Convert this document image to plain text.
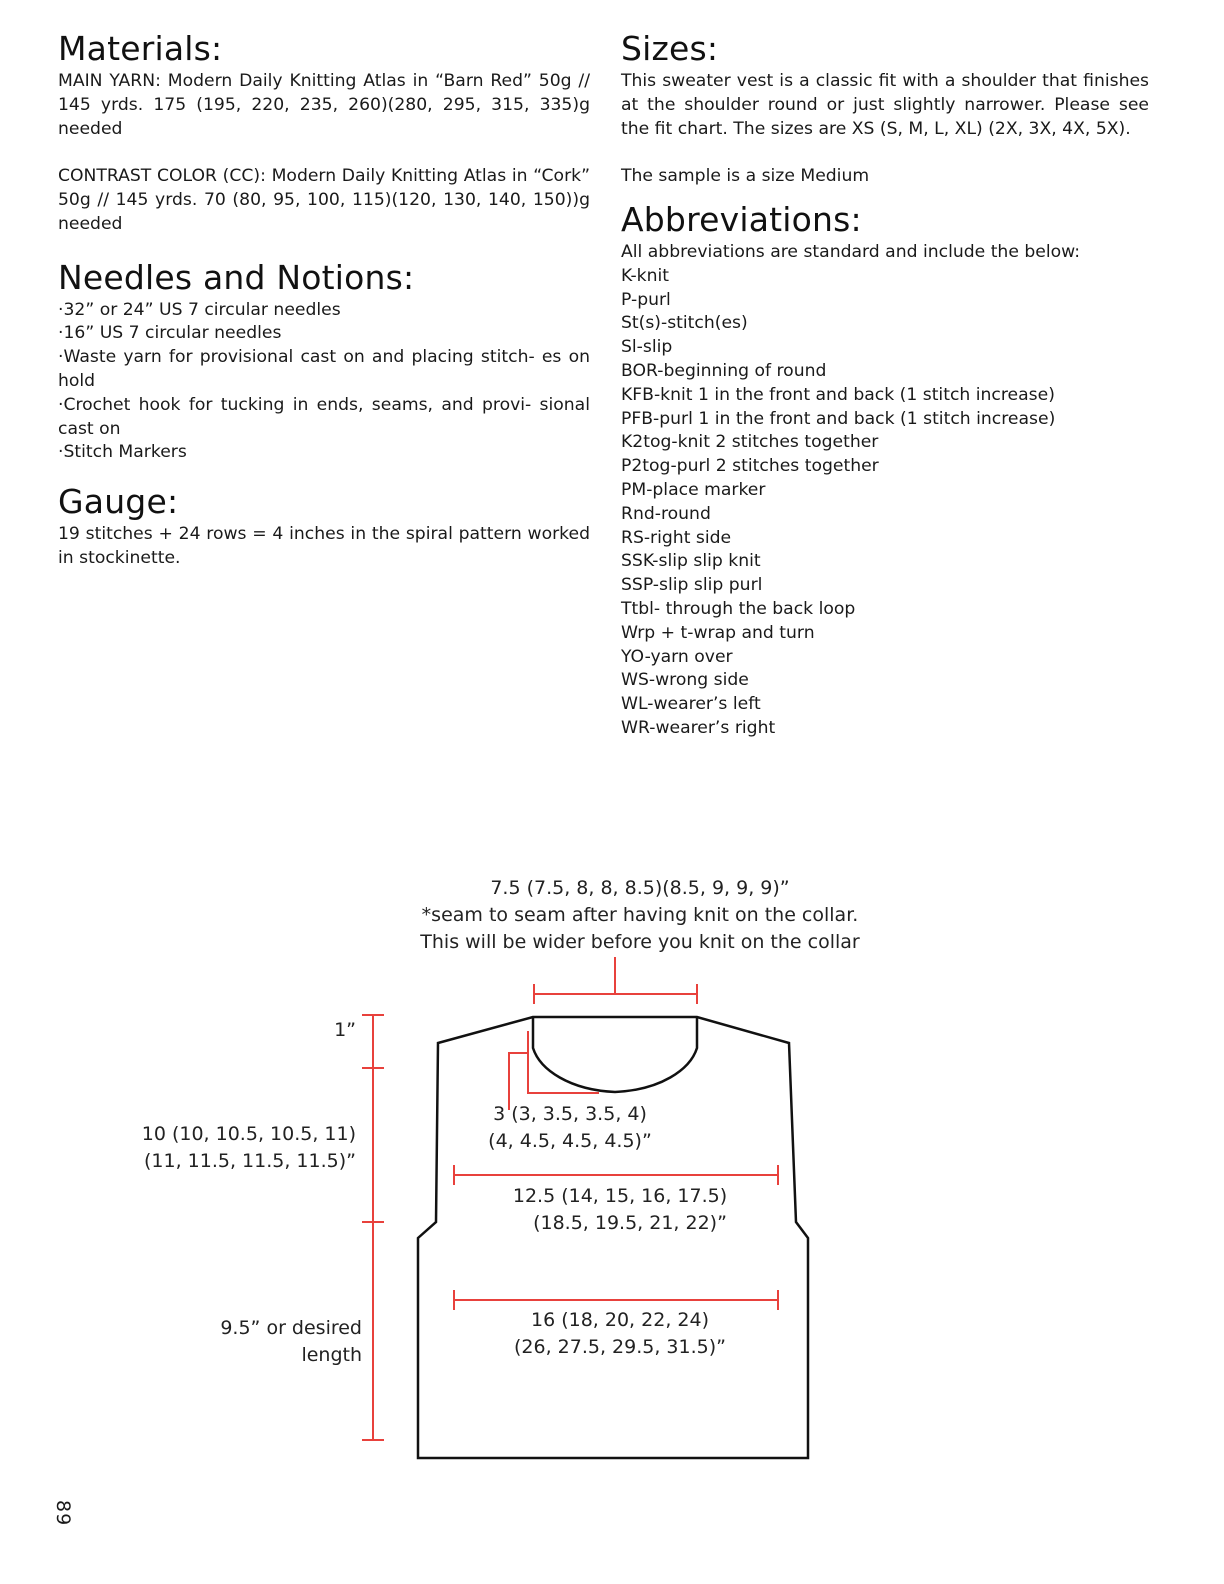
Materials:

MAIN YARN: Modern Daily Knitting Atlas in “Barn Red” 50g // 145 yrds. 175 (195, 220, 235, 260)(280, 295, 315, 335)g needed

CONTRAST COLOR (CC): Modern Daily Knitting Atlas in “Cork” 50g // 145 yrds. 70 (80, 95, 100, 115)(120, 130, 140, 150))g needed

Needles and Notions:
·32” or 24” US 7 circular needles
·16” US 7 circular needles
·Waste yarn for provisional cast on and placing stitch- es on hold
·Crochet hook for tucking in ends, seams, and provi- sional cast on
·Stitch Markers
Gauge:

19 stitches + 24 rows = 4 inches in the spiral pattern worked in stockinette.

Sizes:

This sweater vest is a classic fit with a shoulder that finishes at the shoulder round or just slightly narrower. Please see the fit chart. The sizes are XS (S, M, L, XL) (2X, 3X, 4X, 5X).

The sample is a size Medium

Abbreviations:

All abbreviations are standard and include the below:

K-knit
P-purl
St(s)-stitch(es)
Sl-slip
BOR-beginning of round
KFB-knit 1 in the front and back (1 stitch increase)
PFB-purl 1 in the front and back (1 stitch increase)
K2tog-knit 2 stitches together
P2tog-purl 2 stitches together
PM-place marker
Rnd-round
RS-right side
SSK-slip slip knit
SSP-slip slip purl
Ttbl- through the back loop
Wrp + t-wrap and turn
YO-yarn over
WS-wrong side
WL-wearer’s left
WR-wearer’s right
7.5 (7.5, 8, 8, 8.5)(8.5, 9, 9, 9)”
*seam to seam after having knit on the collar.
This will be wider before you knit on the collar
1”
10 (10, 10.5, 10.5, 11)
(11, 11.5, 11.5, 11.5)”
9.5” or desired
length
3 (3, 3.5, 3.5, 4)
(4, 4.5, 4.5, 4.5)”
12.5 (14, 15, 16, 17.5)
(18.5, 19.5, 21, 22)”
16 (18, 20, 22, 24)
(26, 27.5, 29.5, 31.5)”
89
